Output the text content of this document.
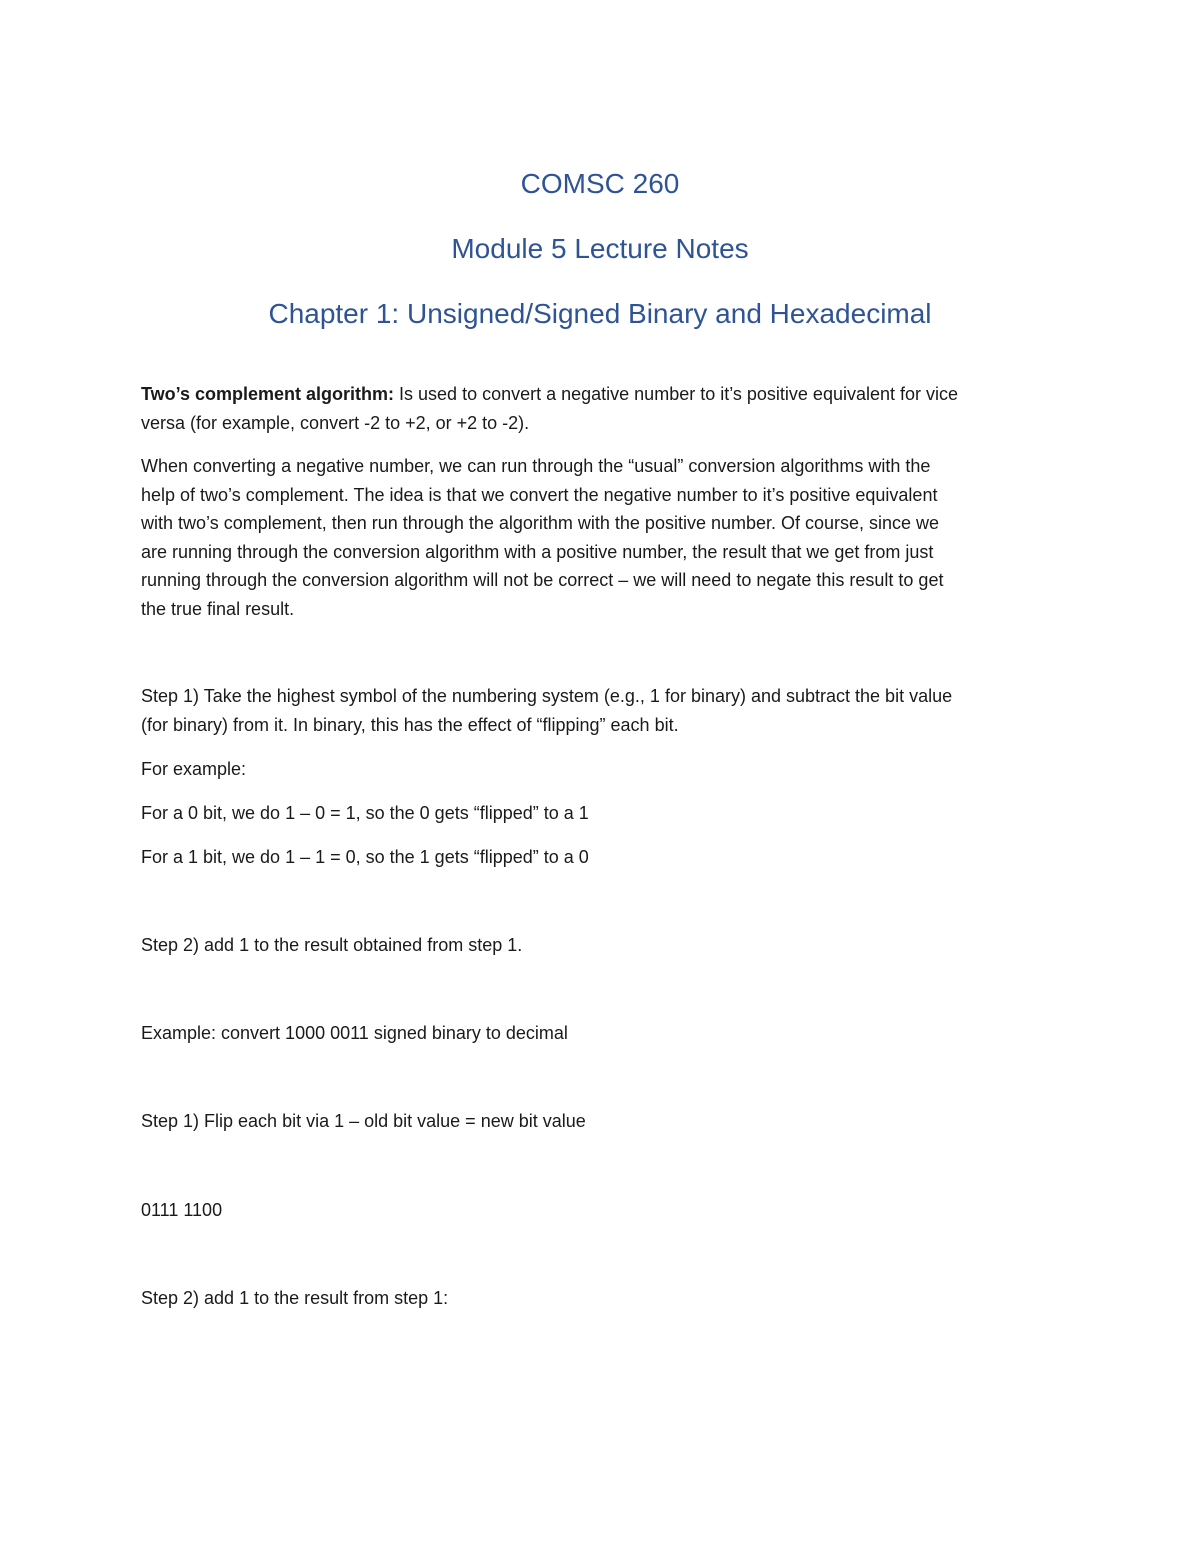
COMSC 260
Module 5 Lecture Notes
Chapter 1: Unsigned/Signed Binary and Hexadecimal

Two’s complement algorithm: Is used to convert a negative number to it’s positive equivalent for vice
versa (for example, convert -2 to +2, or +2 to -2).

When converting a negative number, we can run through the “usual” conversion algorithms with the
help of two’s complement. The idea is that we convert the negative number to it’s positive equivalent
with two’s complement, then run through the algorithm with the positive number. Of course, since we
are running through the conversion algorithm with a positive number, the result that we get from just
running through the conversion algorithm will not be correct – we will need to negate this result to get
the true final result.

Step 1) Take the highest symbol of the numbering system (e.g., 1 for binary) and subtract the bit value
(for binary) from it. In binary, this has the effect of “flipping” each bit.

For example:

For a 0 bit, we do 1 – 0 = 1, so the 0 gets “flipped” to a 1

For a 1 bit, we do 1 – 1 = 0, so the 1 gets “flipped” to a 0

Step 2) add 1 to the result obtained from step 1.

Example: convert 1000 0011 signed binary to decimal

Step 1) Flip each bit via 1 – old bit value = new bit value

0111 1100

Step 2) add 1 to the result from step 1:
